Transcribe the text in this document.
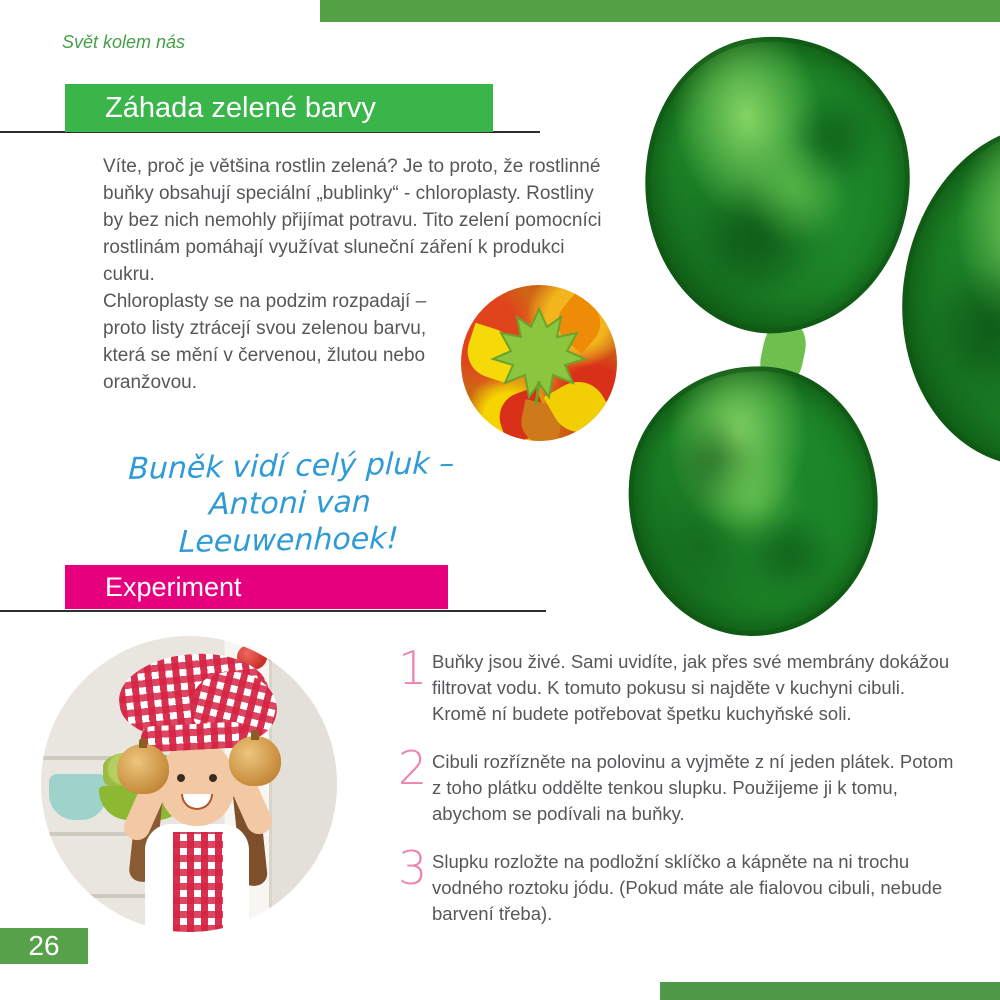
Svět kolem nás
Záhada zelené barvy
Víte, proč je většina rostlin zelená? Je to proto, že rostlinné buňky obsahují speciální „bublinky“ - chloroplasty. Rostliny by bez nich nemohly přijímat potravu. Tito zelení pomocníci rostlinám pomáhají využívat sluneční záření k produkci cukru.
Chloroplasty se na podzim rozpadají – proto listy ztrácejí svou zelenou barvu, která se mění v červenou, žlutou nebo oranžovou.
Buněk vidí celý pluk –
Antoni van Leeuwenhoek!
Experiment
1 Buňky jsou živé. Sami uvidíte, jak přes své membrány dokážou filtrovat vodu. K tomuto pokusu si najděte v kuchyni cibuli. Kromě ní budete potřebovat špetku kuchyňské soli.
2 Cibuli rozřízněte na polovinu a vyjměte z ní jeden plátek. Potom z toho plátku oddělte tenkou slupku. Použijeme ji k tomu, abychom se podívali na buňky.
3 Slupku rozložte na podložní sklíčko a kápněte na ni trochu vodného roztoku jódu. (Pokud máte ale fialovou cibuli, nebude barvení třeba).
26
